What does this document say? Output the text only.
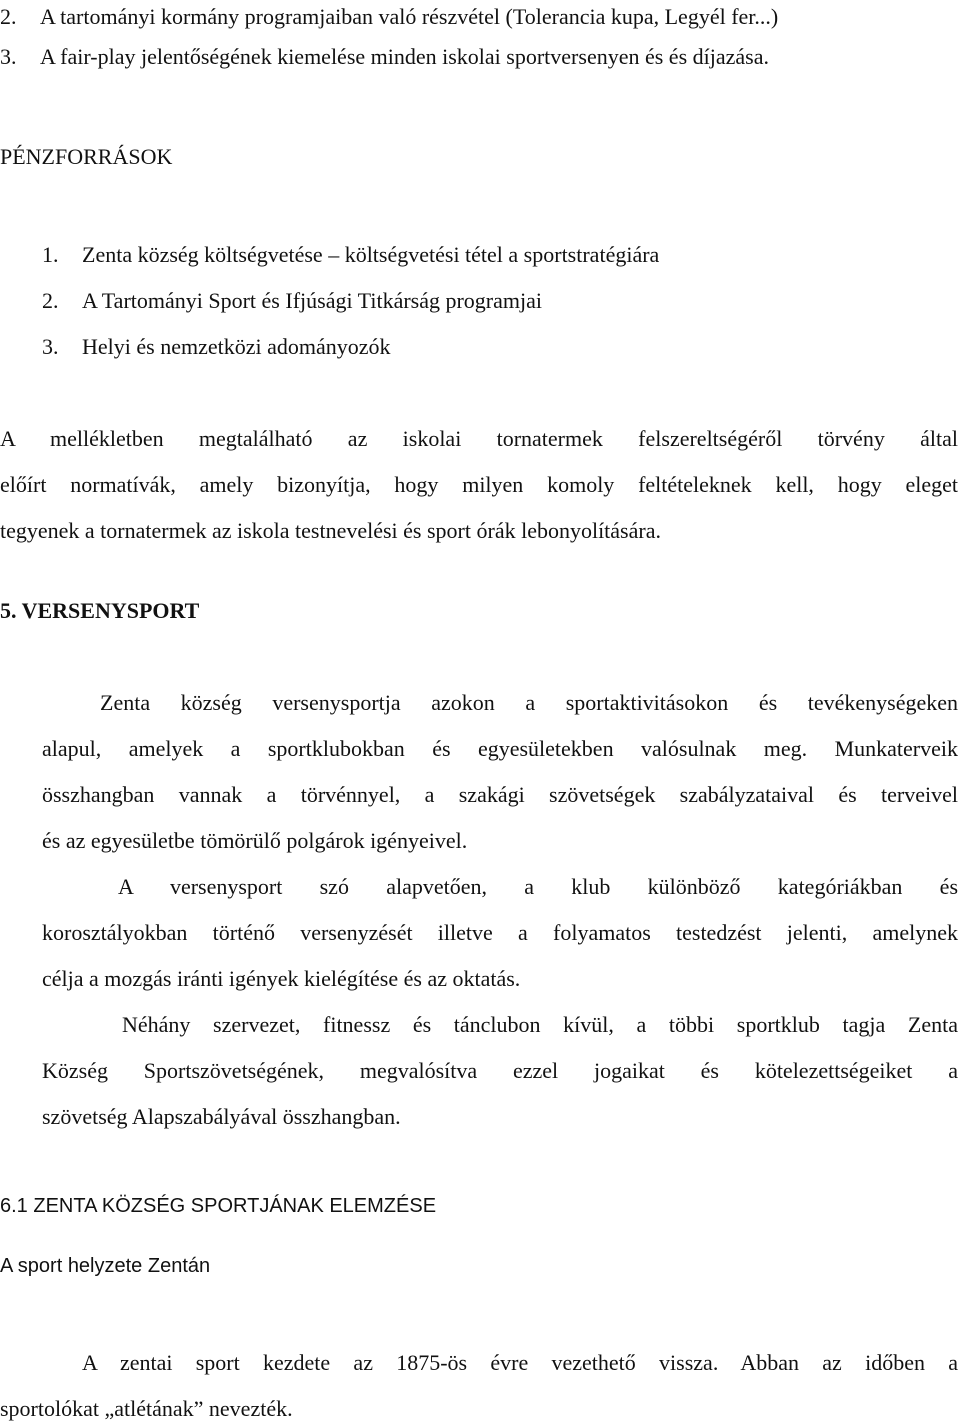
2. A tartományi kormány programjaiban való részvétel (Tolerancia kupa, Legyél fer...)
3. A fair-play jelentőségének kiemelése minden iskolai sportversenyen és és díjazása.
PÉNZFORRÁSOK
1. Zenta község költségvetése – költségvetési tétel a sportstratégiára
2. A Tartományi Sport és Ifjúsági Titkárság programjai
3. Helyi és nemzetközi adományozók
A mellékletben megtalálható az iskolai tornatermek felszereltségéről törvény által
előírt normatívák, amely bizonyítja, hogy milyen komoly feltételeknek kell, hogy eleget
tegyenek a tornatermek az iskola testnevelési és sport órák lebonyolítására.
5. VERSENYSPORT
Zenta község versenysportja azokon a sportaktivitásokon és tevékenységeken
alapul, amelyek a sportklubokban és egyesületekben valósulnak meg. Munkaterveik
összhangban vannak a törvénnyel, a szakági szövetségek szabályzataival és terveivel
és az egyesületbe tömörülő polgárok igényeivel.
A versenysport szó alapvetően, a klub különböző kategóriákban és
korosztályokban történő versenyzését illetve a folyamatos testedzést jelenti, amelynek
célja a mozgás iránti igények kielégítése és az oktatás.
Néhány szervezet, fitnessz és tánclubon kívül, a többi sportklub tagja Zenta
Község Sportszövetségének, megvalósítva ezzel jogaikat és kötelezettségeiket a
szövetség Alapszabályával összhangban.
6.1 ZENTA KÖZSÉG SPORTJÁNAK ELEMZÉSE
A sport helyzete Zentán
A zentai sport kezdete az 1875-ös évre vezethető vissza. Abban az időben a
sportolókat „atlétának” nevezték.
